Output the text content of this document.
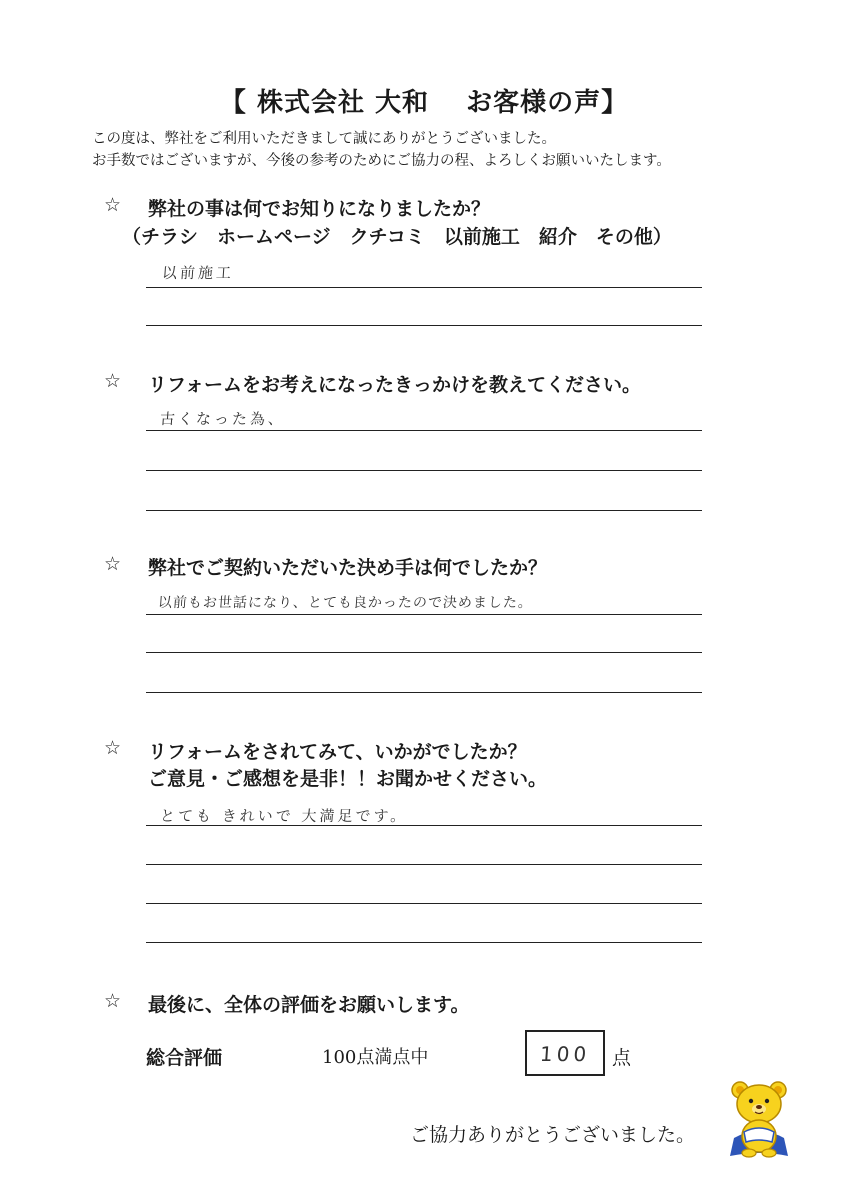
【 株式会社 大和　 お客様の声】
この度は、弊社をご利用いただきまして誠にありがとうございました。
お手数ではございますが、今後の参考のためにご協力の程、よろしくお願いいたします。
☆ 弊社の事は何でお知りになりましたか？
（チラシ　ホームページ　クチコミ　以前施工　紹介　その他）
以前施工
☆ リフォームをお考えになったきっかけを教えてください。
古くなった為、
☆ 弊社でご契約いただいた決め手は何でしたか？
以前もお世話になり、とても良かったので決めました。
☆ リフォームをされてみて、いかがでしたか？
ご意見・ご感想を是非！！お聞かせください。
とても きれいで 大満足です。
☆ 最後に、全体の評価をお願いします。
総合評価	100点満点中	100 点
ご協力ありがとうございました。
